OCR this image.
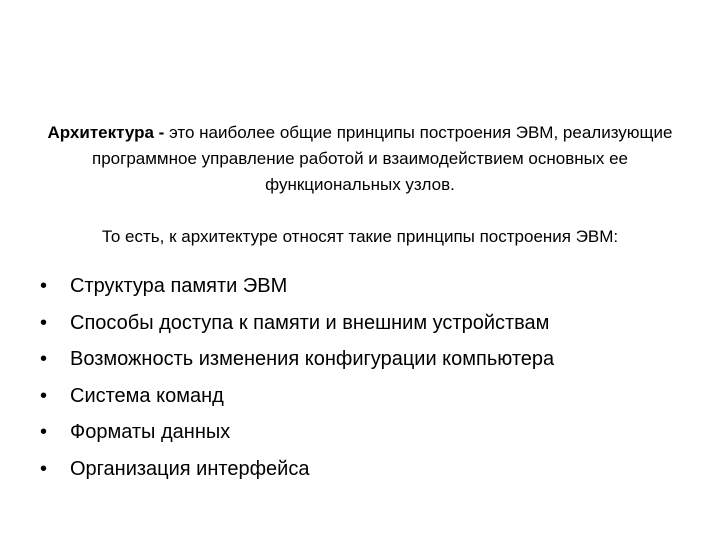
Архитектура - это наиболее общие принципы построения ЭВМ, реализующие программное управление работой и взаимодействием основных ее функциональных узлов.

То есть, к архитектуре относят такие принципы построения ЭВМ:

•	Структура памяти ЭВМ
•	Способы доступа к памяти и внешним устройствам
•	Возможность изменения конфигурации компьютера
•	Система команд
•	Форматы данных
•	Организация интерфейса
